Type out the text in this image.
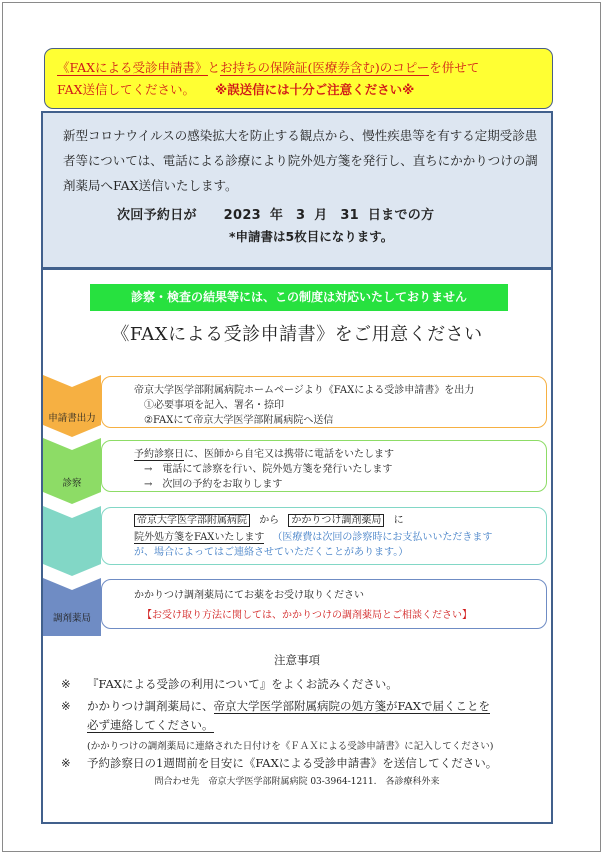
《FAXによる受診申請書》とお持ちの保険証(医療券含む)のコピーを併せて
FAX送信してください。 ※誤送信には十分ご注意ください※

新型コロナウイルスの感染拡大を防止する観点から、慢性疾患等を有する定期受診患者等については、電話による診療により院外処方箋を発行し、直ちにかかりつけの調剤薬局へFAX送信いたします。

次回予約日が 2023 年 3 月 31 日までの方
*申請書は5枚目になります。
診察・検査の結果等には、この制度は対応いたしておりません
《FAXによる受診申請書》をご用意ください
申請書出力
帝京大学医学部附属病院ホームページより《FAXによる受診申請書》を出力
①必要事項を記入、署名・捺印
②FAXにて帝京大学医学部附属病院へ送信
診察
予約診察日に、医師から自宅又は携帯に電話をいたします
→　電話にて診察を行い、院外処方箋を発行いたします
→　次回の予約をお取りします
帝京大学医学部附属病院 から かかりつけ調剤薬局 に
院外処方箋をFAXいたします （医療費は次回の診察時にお支払いいただきます
が、場合によってはご連絡させていただくことがあります。）
調剤薬局
かかりつけ調剤薬局にてお薬をお受け取りください
【お受け取り方法に関しては、かかりつけの調剤薬局とご相談ください】
注意事項
※ 『FAXによる受診の利用について』をよくお読みください。
※ かかりつけ調剤薬局に、帝京大学医学部附属病院の処方箋がFAXで届くことを
必ず連絡してください。
(かかりつけの調剤薬局に連絡された日付けを《ＦＡＸによる受診申請書》に記入してください)
※ 予約診察日の1週間前を目安に《FAXによる受診申請書》を送信してください。
問合わせ先　帝京大学医学部附属病院 03-3964-1211.　各診療科外来
